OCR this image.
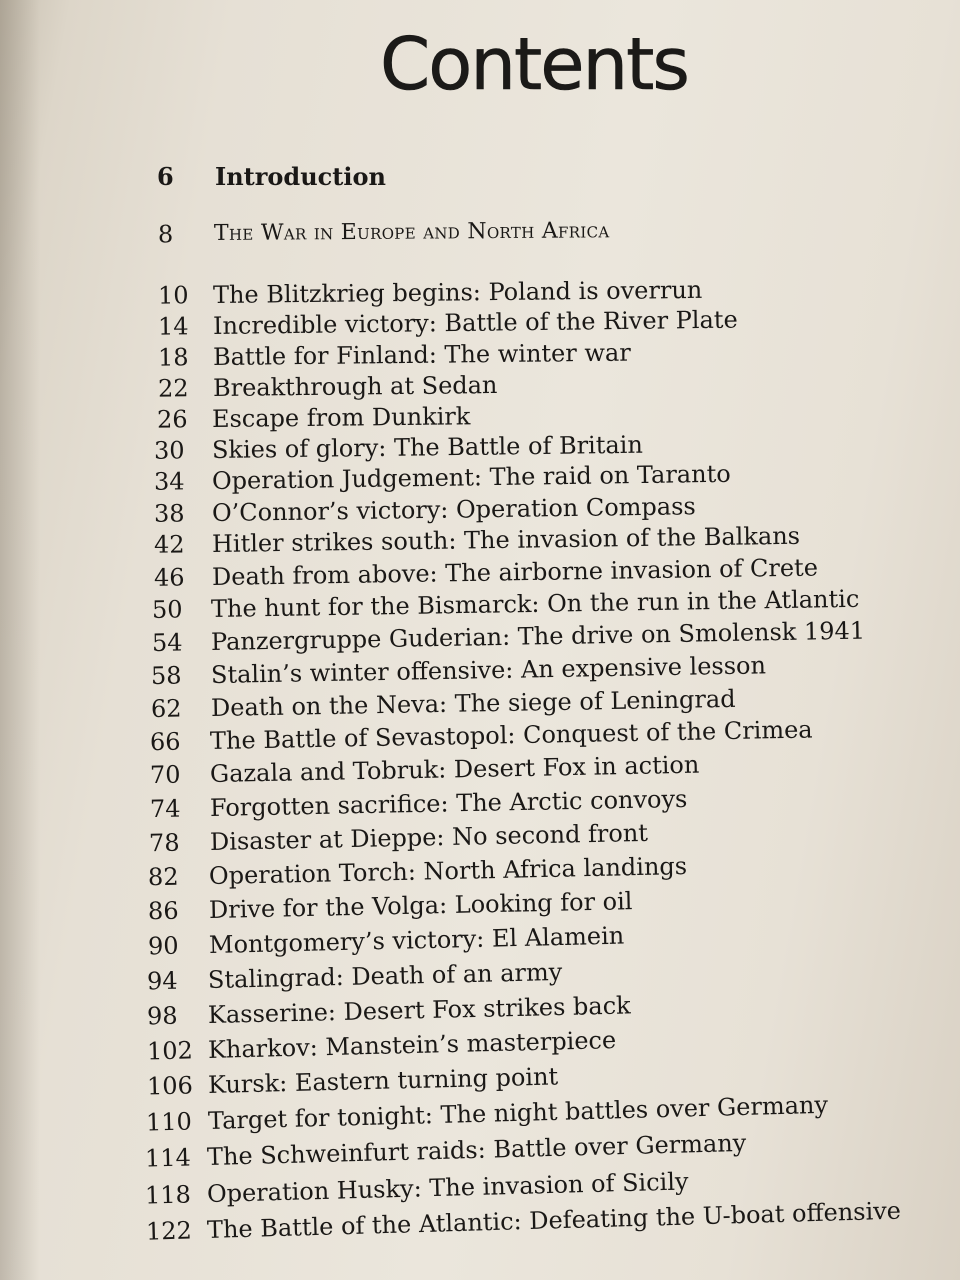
Contents
6	Introduction
8	The War in Europe and North Africa
10	The Blitzkrieg begins: Poland is overrun
14	Incredible victory: Battle of the River Plate
18	Battle for Finland: The winter war
22	Breakthrough at Sedan
26	Escape from Dunkirk
30	Skies of glory: The Battle of Britain
34	Operation Judgement: The raid on Taranto
38	O’Connor’s victory: Operation Compass
42	Hitler strikes south: The invasion of the Balkans
46	Death from above: The airborne invasion of Crete
50	The hunt for the Bismarck: On the run in the Atlantic
54	Panzergruppe Guderian: The drive on Smolensk 1941
58	Stalin’s winter offensive: An expensive lesson
62	Death on the Neva: The siege of Leningrad
66	The Battle of Sevastopol: Conquest of the Crimea
70	Gazala and Tobruk: Desert Fox in action
74	Forgotten sacrifice: The Arctic convoys
78	Disaster at Dieppe: No second front
82	Operation Torch: North Africa landings
86	Drive for the Volga: Looking for oil
90	Montgomery’s victory: El Alamein
94	Stalingrad: Death of an army
98	Kasserine: Desert Fox strikes back
102 Kharkov: Manstein’s masterpiece
106 Kursk: Eastern turning point
110 Target for tonight: The night battles over Germany
114 The Schweinfurt raids: Battle over Germany
118 Operation Husky: The invasion of Sicily
122 The Battle of the Atlantic: Defeating the U-boat offensive
